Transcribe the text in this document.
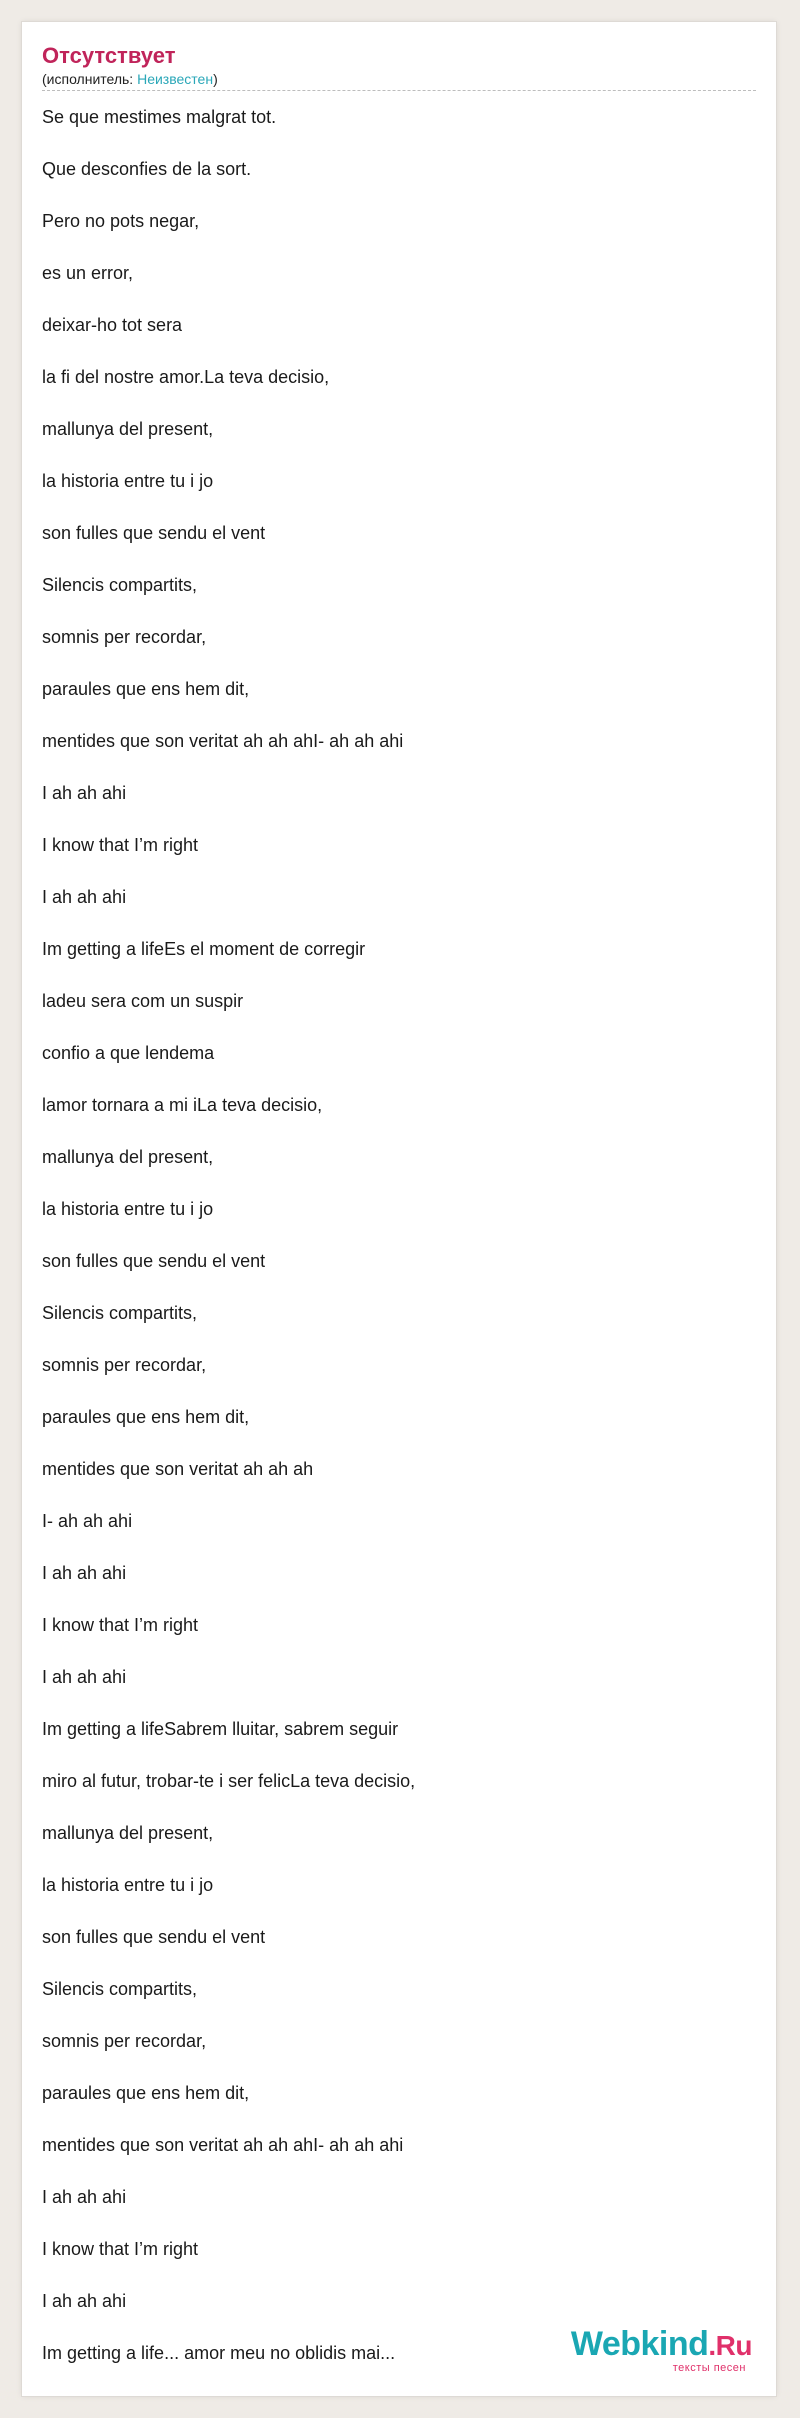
Отсутствует
(исполнитель: Неизвестен)
Se que mestimes malgrat tot.
Que desconfies de la sort.
Pero no pots negar,
es un error,
deixar-ho tot sera
la fi del nostre amor.La teva decisio,
mallunya del present,
la historia entre tu i jo
son fulles que sendu el vent
Silencis compartits,
somnis per recordar,
paraules que ens hem dit,
mentides que son veritat ah ah ahI- ah ah ahi
I ah ah ahi
I know that I’m right
I ah ah ahi
Im getting a lifeEs el moment de corregir
ladeu sera com un suspir
confio a que lendema
lamor tornara a mi iLa teva decisio,
mallunya del present,
la historia entre tu i jo
son fulles que sendu el vent
Silencis compartits,
somnis per recordar,
paraules que ens hem dit,
mentides que son veritat ah ah ah
I- ah ah ahi
I ah ah ahi
I know that I’m right
I ah ah ahi
Im getting a lifeSabrem lluitar, sabrem seguir
miro al futur, trobar-te i ser felicLa teva decisio,
mallunya del present,
la historia entre tu i jo
son fulles que sendu el vent
Silencis compartits,
somnis per recordar,
paraules que ens hem dit,
mentides que son veritat ah ah ahI- ah ah ahi
I ah ah ahi
I know that I’m right
I ah ah ahi
Im getting a life... amor meu no oblidis mai...	Webkind.Ru
тексты песен
